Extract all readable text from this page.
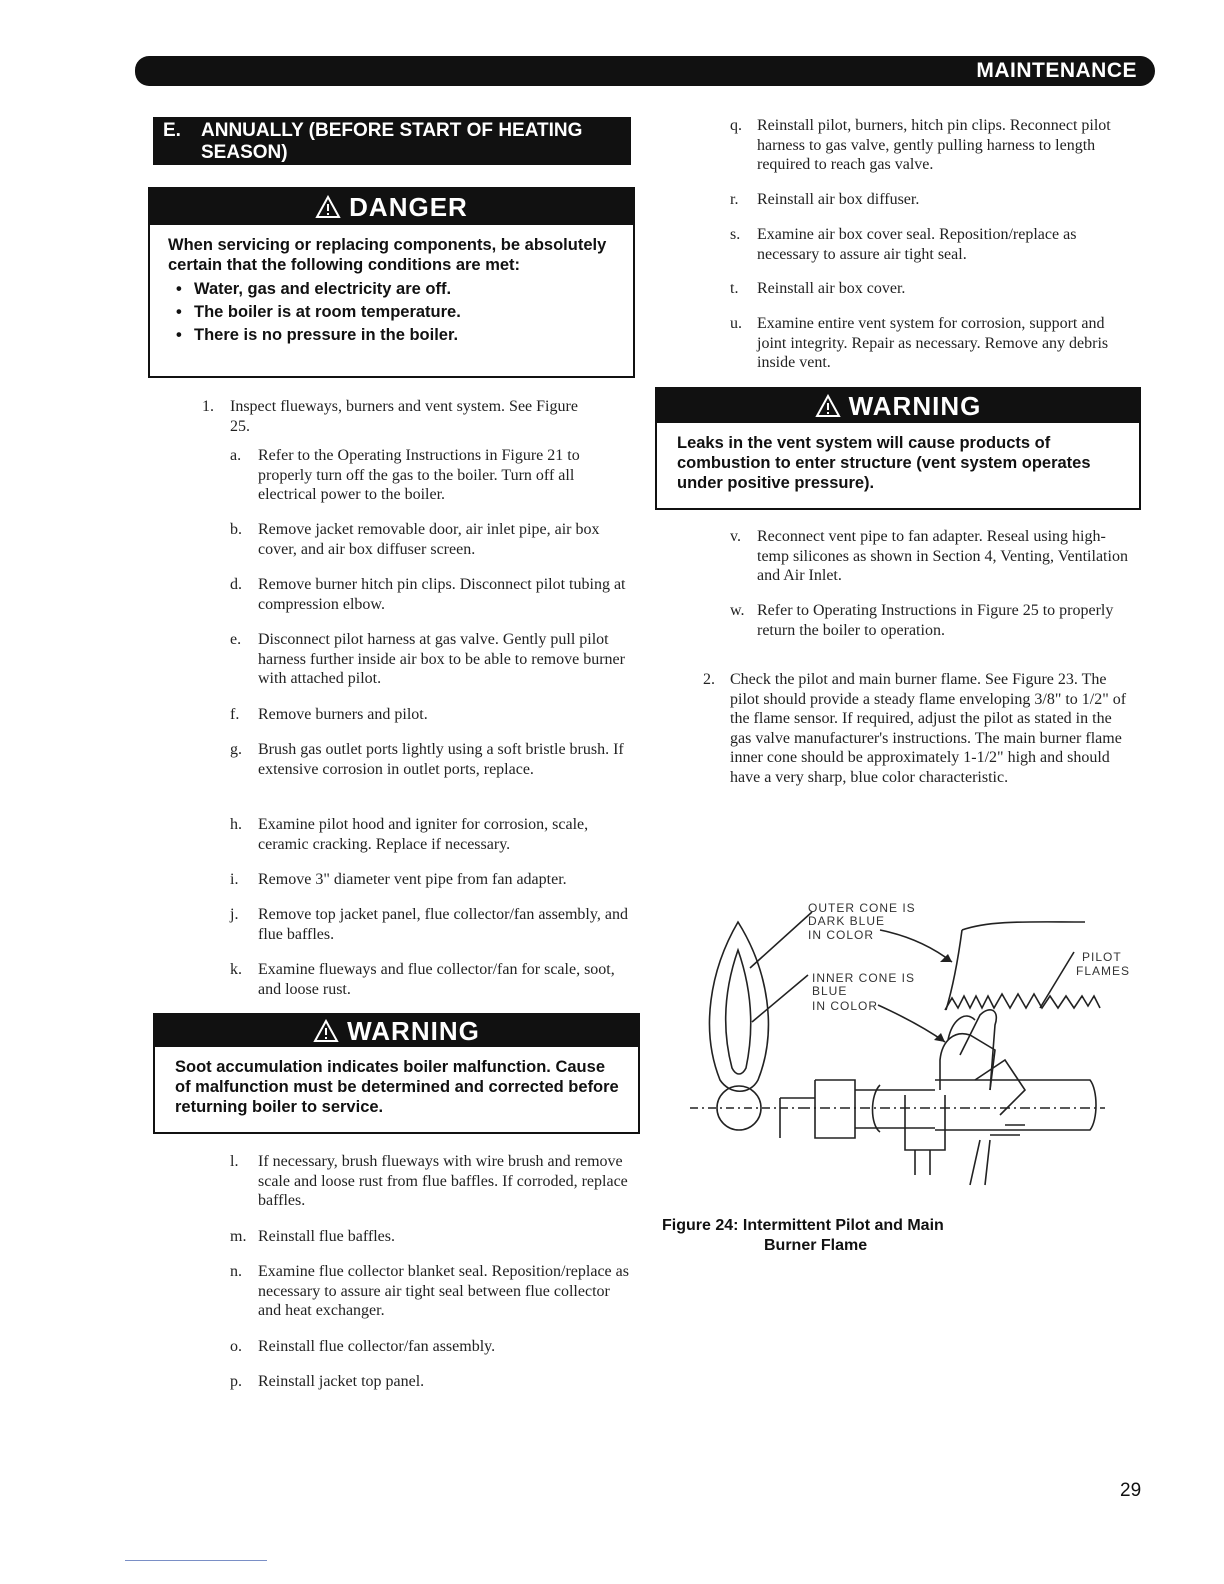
MAINTENANCE
E. ANNUALLY (BEFORE START OF HEATING SEASON)
DANGER
When servicing or replacing components, be absolutely certain that the following conditions are met:
• Water, gas and electricity are off.
• The boiler is at room temperature.
• There is no pressure in the boiler.
1. Inspect flueways, burners and vent system. See Figure 25.
a. Refer to the Operating Instructions in Figure 21 to properly turn off the gas to the boiler. Turn off all electrical power to the boiler.
b. Remove jacket removable door, air inlet pipe, air box cover, and air box diffuser screen.
d. Remove burner hitch pin clips. Disconnect pilot tubing at compression elbow.
e. Disconnect pilot harness at gas valve. Gently pull pilot harness further inside air box to be able to remove burner with attached pilot.
f. Remove burners and pilot.
g. Brush gas outlet ports lightly using a soft bristle brush. If extensive corrosion in outlet ports, replace.
h. Examine pilot hood and igniter for corrosion, scale, ceramic cracking. Replace if necessary.
i. Remove 3" diameter vent pipe from fan adapter.
j. Remove top jacket panel, flue collector/fan assembly, and flue baffles.
k. Examine flueways and flue collector/fan for scale, soot, and loose rust.
WARNING
Soot accumulation indicates boiler malfunction. Cause of malfunction must be determined and corrected before returning boiler to service.
l. If necessary, brush flueways with wire brush and remove scale and loose rust from flue baffles. If corroded, replace baffles.
m. Reinstall flue baffles.
n. Examine flue collector blanket seal. Reposition/replace as necessary to assure air tight seal between flue collector and heat exchanger.
o. Reinstall flue collector/fan assembly.
p. Reinstall jacket top panel.
q. Reinstall pilot, burners, hitch pin clips. Reconnect pilot harness to gas valve, gently pulling harness to length required to reach gas valve.
r. Reinstall air box diffuser.
s. Examine air box cover seal. Reposition/replace as necessary to assure air tight seal.
t. Reinstall air box cover.
u. Examine entire vent system for corrosion, support and joint integrity. Repair as necessary. Remove any debris inside vent.
WARNING
Leaks in the vent system will cause products of combustion to enter structure (vent system operates under positive pressure).
v. Reconnect vent pipe to fan adapter. Reseal using high-temp silicones as shown in Section 4, Venting, Ventilation and Air Inlet.
w. Refer to Operating Instructions in Figure 25 to properly return the boiler to operation.
2. Check the pilot and main burner flame. See Figure 23. The pilot should provide a steady flame enveloping 3/8" to 1/2" of the flame sensor. If required, adjust the pilot as stated in the gas valve manufacturer's instructions. The main burner flame inner cone should be approximately 1-1/2" high and should have a very sharp, blue color characteristic.
OUTER CONE IS
DARK BLUE
IN COLOR
INNER CONE IS
BLUE
IN COLOR
PILOT
FLAMES
Figure 24: Intermittent Pilot and Main
Burner Flame
29
